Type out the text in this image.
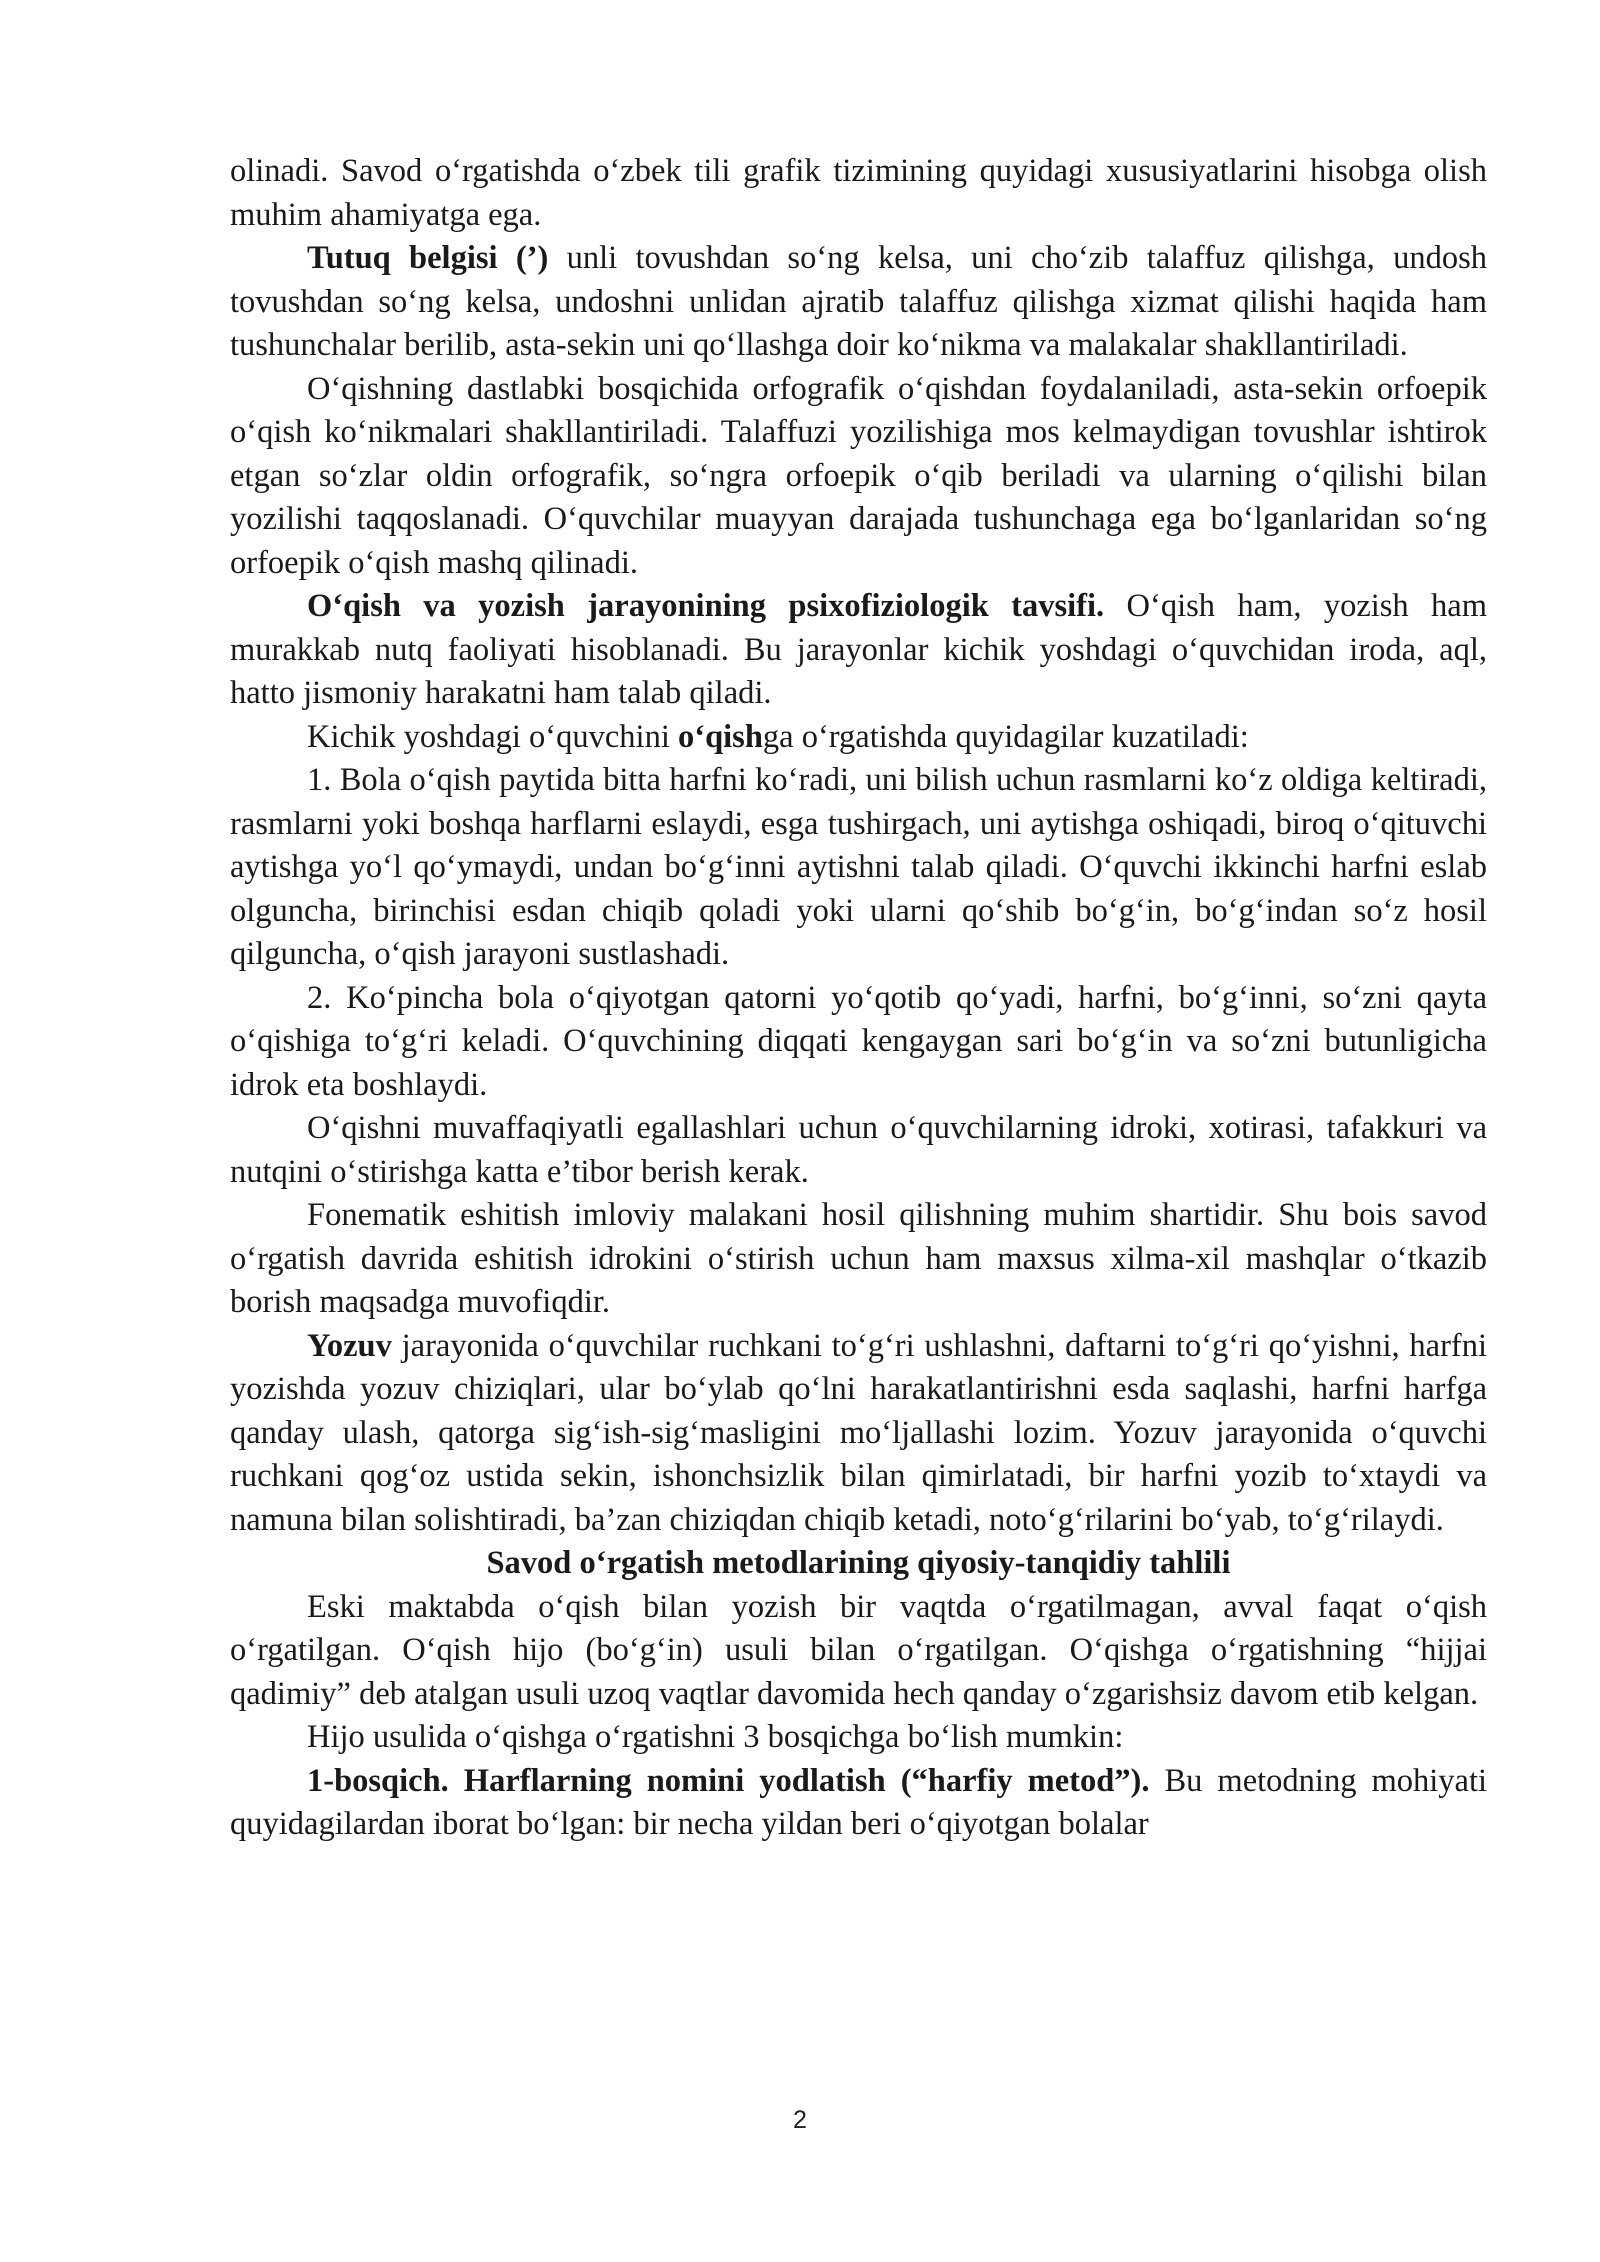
olinadi. Savod oʻrgatishda oʻzbek tili grafik tizimining quyidagi xususiyatlarini hisobga olish muhim ahamiyatga ega.

Tutuq belgisi (’) unli tovushdan soʻng kelsa, uni choʻzib talaffuz qilishga, undosh tovushdan soʻng kelsa, undoshni unlidan ajratib talaffuz qilishga xizmat qilishi haqida ham tushunchalar berilib, asta-sekin uni qoʻllashga doir koʻnikma va malakalar shakllantiriladi.

Oʻqishning dastlabki bosqichida orfografik oʻqishdan foydalaniladi, asta-sekin orfoepik oʻqish koʻnikmalari shakllantiriladi. Talaffuzi yozilishiga mos kelmaydigan tovushlar ishtirok etgan soʻzlar oldin orfografik, soʻngra orfoepik oʻqib beriladi va ularning oʻqilishi bilan yozilishi taqqoslanadi. Oʻquvchilar muayyan darajada tushunchaga ega boʻlganlaridan soʻng orfoepik oʻqish mashq qilinadi.

Oʻqish va yozish jarayonining psixofiziologik tavsifi. Oʻqish ham, yozish ham murakkab nutq faoliyati hisoblanadi. Bu jarayonlar kichik yoshdagi oʻquvchidan iroda, aql, hatto jismoniy harakatni ham talab qiladi.

Kichik yoshdagi oʻquvchini oʻqishga oʻrgatishda quyidagilar kuzatiladi:

1. Bola oʻqish paytida bitta harfni koʻradi, uni bilish uchun rasmlarni koʻz oldiga keltiradi, rasmlarni yoki boshqa harflarni eslaydi, esga tushirgach, uni aytishga oshiqadi, biroq oʻqituvchi aytishga yoʻl qoʻymaydi, undan boʻgʻinni aytishni talab qiladi. Oʻquvchi ikkinchi harfni eslab olguncha, birinchisi esdan chiqib qoladi yoki ularni qoʻshib boʻgʻin, boʻgʻindan soʻz hosil qilguncha, oʻqish jarayoni sustlashadi.

2. Koʻpincha bola oʻqiyotgan qatorni yoʻqotib qoʻyadi, harfni, boʻgʻinni, soʻzni qayta oʻqishiga toʻgʻri keladi. Oʻquvchining diqqati kengaygan sari boʻgʻin va soʻzni butunligicha idrok eta boshlaydi.

Oʻqishni muvaffaqiyatli egallashlari uchun oʻquvchilarning idroki, xotirasi, tafakkuri va nutqini oʻstirishga katta e’tibor berish kerak.

Fonematik eshitish imloviy malakani hosil qilishning muhim shartidir. Shu bois savod oʻrgatish davrida eshitish idrokini oʻstirish uchun ham maxsus xilma-xil mashqlar oʻtkazib borish maqsadga muvofiqdir.

Yozuv jarayonida oʻquvchilar ruchkani toʻgʻri ushlashni, daftarni toʻgʻri qoʻyishni, harfni yozishda yozuv chiziqlari, ular boʻylab qoʻlni harakatlantirishni esda saqlashi, harfni harfga qanday ulash, qatorga sigʻish-sigʻmasligini moʻljallashi lozim. Yozuv jarayonida oʻquvchi ruchkani qogʻoz ustida sekin, ishonchsizlik bilan qimirlatadi, bir harfni yozib toʻxtaydi va namuna bilan solishtiradi, ba’zan chiziqdan chiqib ketadi, notoʻgʻrilarini boʻyab, toʻgʻrilaydi.

Savod oʻrgatish metodlarining qiyosiy-tanqidiy tahlili

Eski maktabda oʻqish bilan yozish bir vaqtda oʻrgatilmagan, avval faqat oʻqish oʻrgatilgan. Oʻqish hijo (boʻgʻin) usuli bilan oʻrgatilgan. Oʻqishga oʻrgatishning “hijjai qadimiy” deb atalgan usuli uzoq vaqtlar davomida hech qanday oʻzgarishsiz davom etib kelgan.

Hijo usulida oʻqishga oʻrgatishni 3 bosqichga boʻlish mumkin:

1-bosqich. Harflarning nomini yodlatish (“harfiy metod”). Bu metodning mohiyati quyidagilardan iborat boʻlgan: bir necha yildan beri oʻqiyotgan bolalar

2
